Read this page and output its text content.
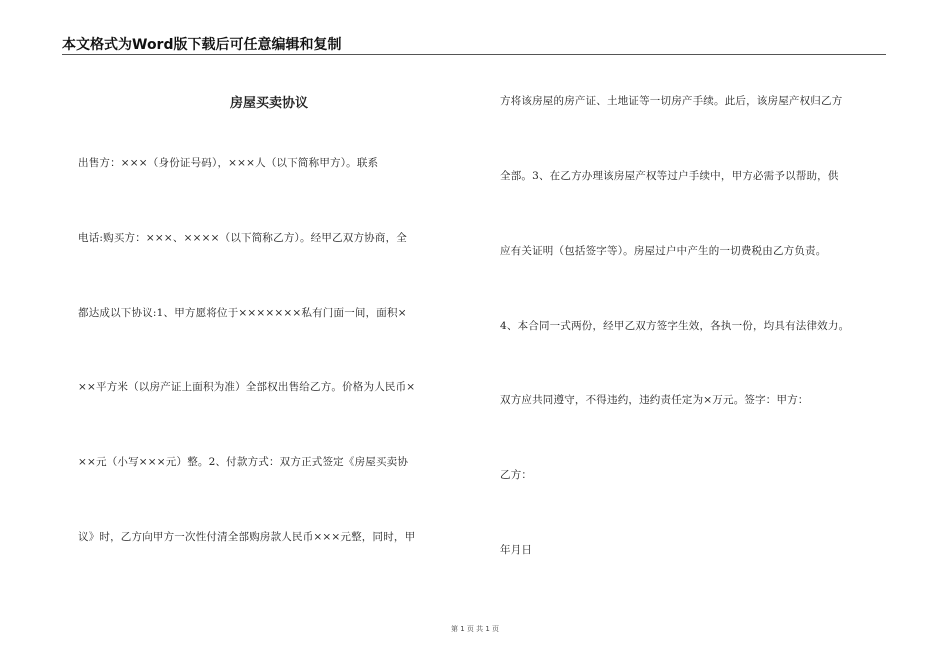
本文格式为Word版下载后可任意编辑和复制
房屋买卖协议
出售方：×××（身份证号码），×××人（以下简称甲方）。联系
电话:购买方：×××、××××（以下简称乙方）。经甲乙双方协商，全
都达成以下协议:1、甲方愿将位于×××××××私有门面一间，面积×
××平方米（以房产证上面积为准）全部权出售给乙方。价格为人民币×
××元（小写×××元）整。2、付款方式：双方正式签定《房屋买卖协
议》时，乙方向甲方一次性付清全部购房款人民币×××元整，同时，甲
方将该房屋的房产证、土地证等一切房产手续。此后，该房屋产权归乙方
全部。3、在乙方办理该房屋产权等过户手续中，甲方必需予以帮助，供
应有关证明（包括签字等）。房屋过户中产生的一切费税由乙方负责。
4、本合同一式两份，经甲乙双方签字生效，各执一份，均具有法律效力。
双方应共同遵守，不得违约，违约责任定为×万元。签字：甲方：
乙方：
年月日
第 1 页 共 1 页
